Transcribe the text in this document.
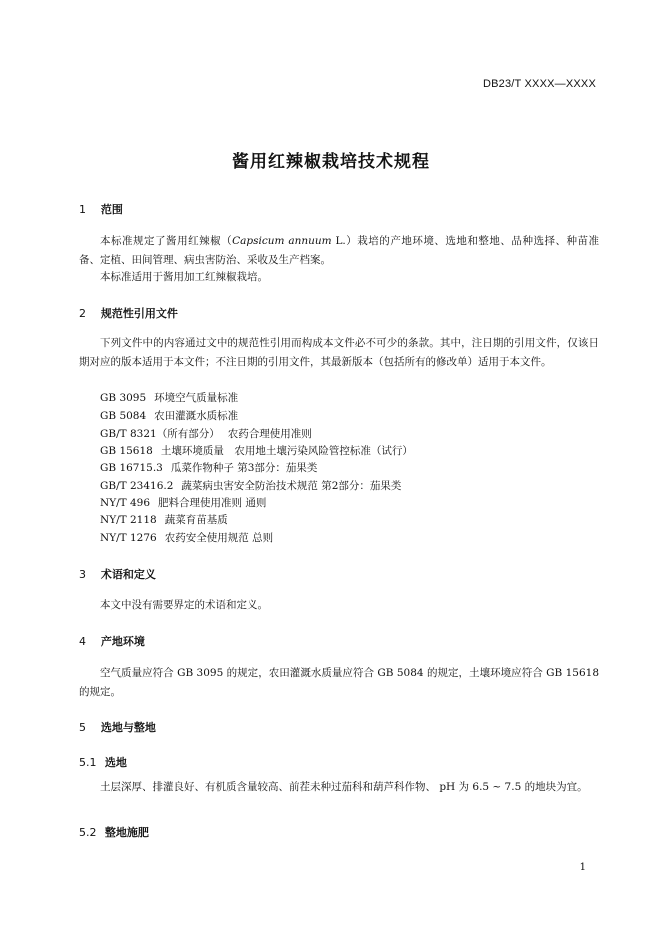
DB23/T XXXX—XXXX
酱用红辣椒栽培技术规程
1 范围
本标准规定了酱用红辣椒（Capsicum annuum L.）栽培的产地环境、选地和整地、品种选择、种苗准备、定植、田间管理、病虫害防治、采收及生产档案。
本标准适用于酱用加工红辣椒栽培。
2 规范性引用文件
下列文件中的内容通过文中的规范性引用而构成本文件必不可少的条款。其中，注日期的引用文件，仅该日期对应的版本适用于本文件；不注日期的引用文件，其最新版本（包括所有的修改单）适用于本文件。
GB 3095 环境空气质量标准
GB 5084 农田灌溉水质标准
GB/T 8321（所有部分） 农药合理使用准则
GB 15618 土壤环境质量　农用地土壤污染风险管控标准（试行）
GB 16715.3 瓜菜作物种子 第3部分：茄果类
GB/T 23416.2 蔬菜病虫害安全防治技术规范 第2部分：茄果类
NY/T 496 肥料合理使用准则 通则
NY/T 2118 蔬菜育苗基质
NY/T 1276 农药安全使用规范 总则
3 术语和定义
本文中没有需要界定的术语和定义。
4 产地环境
空气质量应符合 GB 3095 的规定，农田灌溉水质量应符合 GB 5084 的规定，土壤环境应符合 GB 15618 的规定。
5 选地与整地
5.1 选地
土层深厚、排灌良好、有机质含量较高、前茬未种过茄科和葫芦科作物、 pH 为 6.5 ~ 7.5 的地块为宜。
5.2 整地施肥
1
